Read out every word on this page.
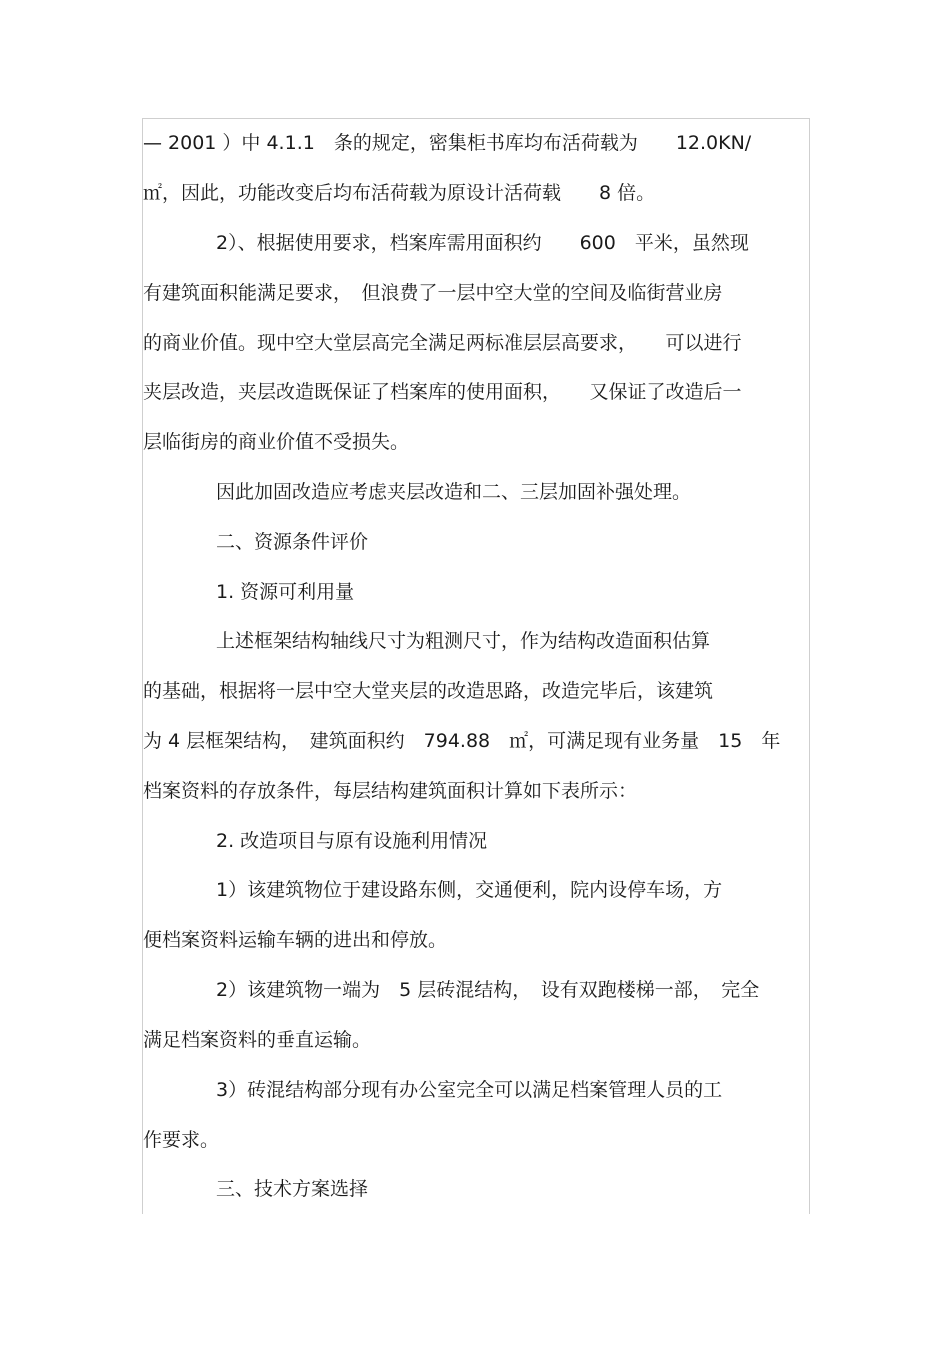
— 2001 ）中 4.1.1　条的规定，密集柜书库均布活荷载为　　12.0KN/
㎡，因此，功能改变后均布活荷载为原设计活荷载　　8 倍。
2）、根据使用要求，档案库需用面积约　　600　平米，虽然现
有建筑面积能满足要求，　但浪费了一层中空大堂的空间及临街营业房
的商业价值。现中空大堂层高完全满足两标准层层高要求，　　可以进行
夹层改造，夹层改造既保证了档案库的使用面积，　　又保证了改造后一
层临街房的商业价值不受损失。
因此加固改造应考虑夹层改造和二、三层加固补强处理。
二、资源条件评价
1. 资源可利用量
上述框架结构轴线尺寸为粗测尺寸，作为结构改造面积估算
的基础，根据将一层中空大堂夹层的改造思路，改造完毕后，该建筑
为 4 层框架结构，　建筑面积约　794.88　㎡，可满足现有业务量　15　年
档案资料的存放条件，每层结构建筑面积计算如下表所示：
2. 改造项目与原有设施利用情况
1）该建筑物位于建设路东侧，交通便利，院内设停车场，方
便档案资料运输车辆的进出和停放。
2）该建筑物一端为　5 层砖混结构，　设有双跑楼梯一部，　完全
满足档案资料的垂直运输。
3）砖混结构部分现有办公室完全可以满足档案管理人员的工
作要求。
三、技术方案选择
